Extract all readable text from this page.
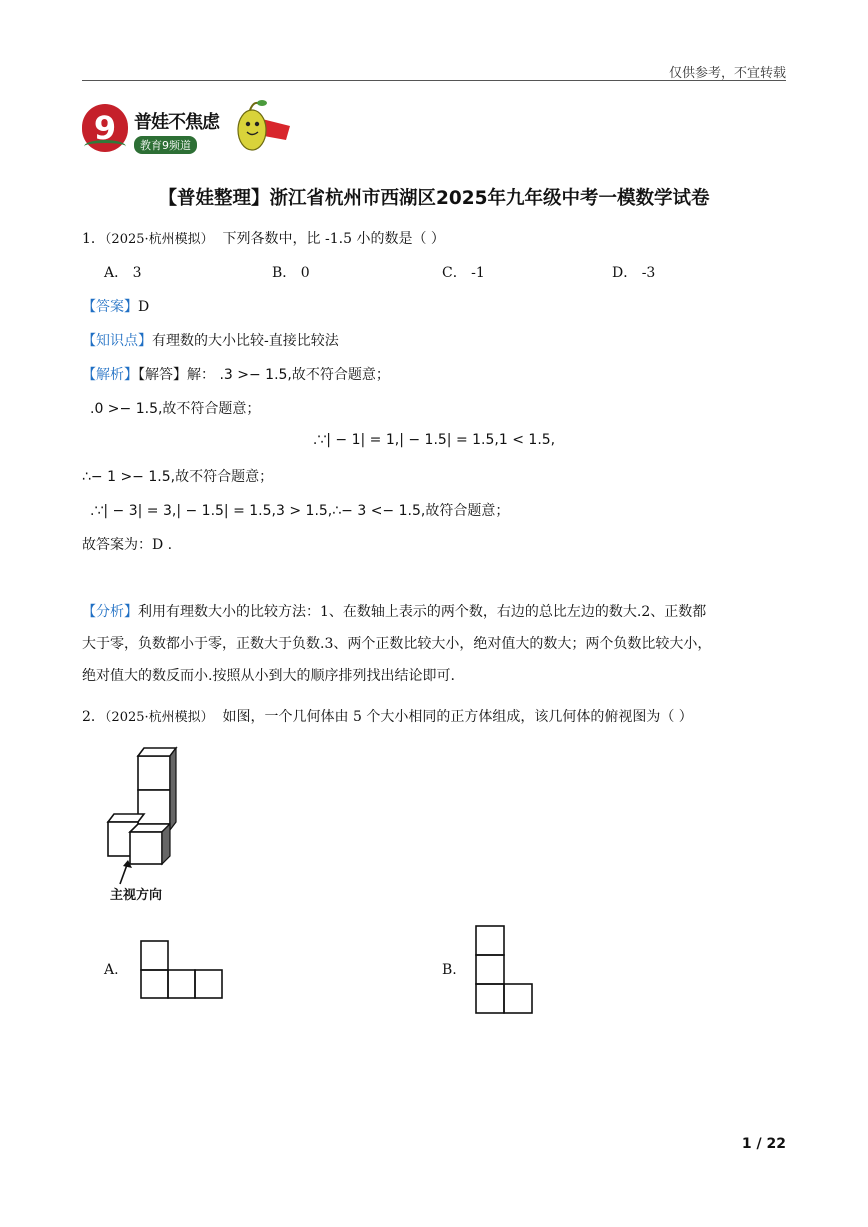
仅供参考，不宜转载
9 普娃不焦虑
教育9频道
【普娃整理】浙江省杭州市西湖区2025年九年级中考一模数学试卷
1．（2025·杭州模拟） 下列各数中，比 -1.5 小的数是（ ）
A． 3	B． 0	C． -1	D． -3
【答案】D
【知识点】有理数的大小比较-直接比较法
【解析】【解答】解： .3 >− 1.5,故不符合题意；
.0 >− 1.5,故不符合题意；
.∵| − 1| = 1,| − 1.5| = 1.5,1 < 1.5,
∴− 1 >− 1.5,故不符合题意；
.∵| − 3| = 3,| − 1.5| = 1.5,3 > 1.5,∴− 3 <− 1.5,故符合题意；
故答案为：D .
【分析】利用有理数大小的比较方法：1、在数轴上表示的两个数，右边的总比左边的数大.2、正数都
大于零，负数都小于零，正数大于负数.3、两个正数比较大小，绝对值大的数大；两个负数比较大小，
绝对值大的数反而小.按照从小到大的顺序排列找出结论即可.
2．（2025·杭州模拟） 如图，一个几何体由 5 个大小相同的正方体组成，该几何体的俯视图为（ ）
主视方向
A.	B.
1 / 22
